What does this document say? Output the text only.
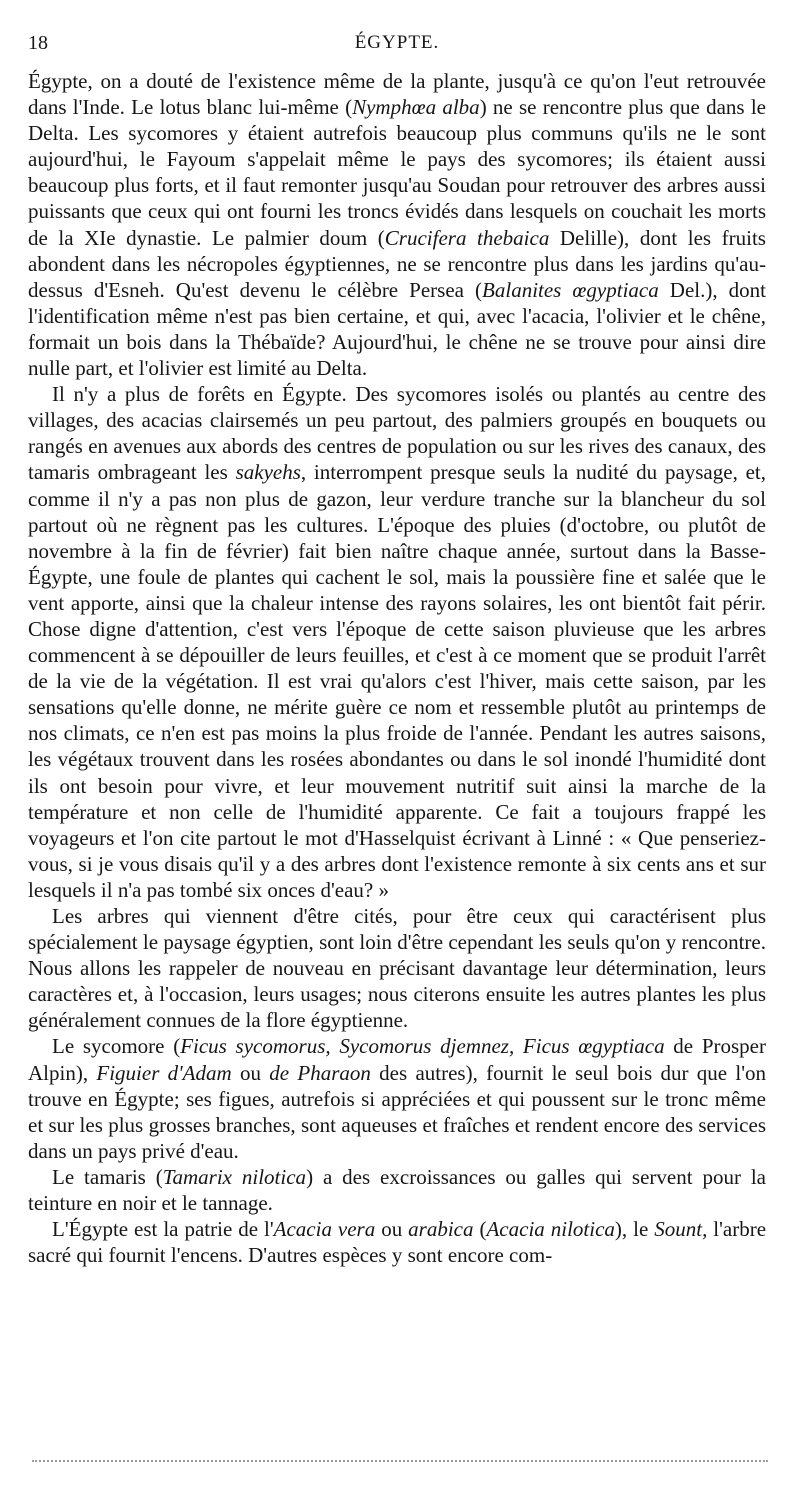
18	ÉGYPTE.

Égypte, on a douté de l'existence même de la plante, jusqu'à ce qu'on l'eut retrouvée dans l'Inde. Le lotus blanc lui-même (Nymphœa alba) ne se rencontre plus que dans le Delta. Les sycomores y étaient autrefois beaucoup plus communs qu'ils ne le sont aujourd'hui, le Fayoum s'appelait même le pays des sycomores; ils étaient aussi beaucoup plus forts, et il faut remonter jusqu'au Soudan pour retrouver des arbres aussi puissants que ceux qui ont fourni les troncs évidés dans lesquels on couchait les morts de la XIe dynastie. Le palmier doum (Crucifera thebaica Delille), dont les fruits abondent dans les nécropoles égyptiennes, ne se rencontre plus dans les jardins qu'au-dessus d'Esneh. Qu'est devenu le célèbre Persea (Balanites œgyptiaca Del.), dont l'identification même n'est pas bien certaine, et qui, avec l'acacia, l'olivier et le chêne, formait un bois dans la Thébaïde? Aujourd'hui, le chêne ne se trouve pour ainsi dire nulle part, et l'olivier est limité au Delta.

Il n'y a plus de forêts en Égypte. Des sycomores isolés ou plantés au centre des villages, des acacias clairsemés un peu partout, des palmiers groupés en bouquets ou rangés en avenues aux abords des centres de population ou sur les rives des canaux, des tamaris ombrageant les sakyehs, interrompent presque seuls la nudité du paysage, et, comme il n'y a pas non plus de gazon, leur verdure tranche sur la blancheur du sol partout où ne règnent pas les cultures. L'époque des pluies (d'octobre, ou plutôt de novembre à la fin de février) fait bien naître chaque année, surtout dans la Basse-Égypte, une foule de plantes qui cachent le sol, mais la poussière fine et salée que le vent apporte, ainsi que la chaleur intense des rayons solaires, les ont bientôt fait périr. Chose digne d'attention, c'est vers l'époque de cette saison pluvieuse que les arbres commencent à se dépouiller de leurs feuilles, et c'est à ce moment que se produit l'arrêt de la vie de la végétation. Il est vrai qu'alors c'est l'hiver, mais cette saison, par les sensations qu'elle donne, ne mérite guère ce nom et ressemble plutôt au printemps de nos climats, ce n'en est pas moins la plus froide de l'année. Pendant les autres saisons, les végétaux trouvent dans les rosées abondantes ou dans le sol inondé l'humidité dont ils ont besoin pour vivre, et leur mouvement nutritif suit ainsi la marche de la température et non celle de l'humidité apparente. Ce fait a toujours frappé les voyageurs et l'on cite partout le mot d'Hasselquist écrivant à Linné : « Que penseriez-vous, si je vous disais qu'il y a des arbres dont l'existence remonte à six cents ans et sur lesquels il n'a pas tombé six onces d'eau? »

Les arbres qui viennent d'être cités, pour être ceux qui caractérisent plus spécialement le paysage égyptien, sont loin d'être cependant les seuls qu'on y rencontre. Nous allons les rappeler de nouveau en précisant davantage leur détermination, leurs caractères et, à l'occasion, leurs usages; nous citerons ensuite les autres plantes les plus généralement connues de la flore égyptienne.

Le sycomore (Ficus sycomorus, Sycomorus djemnez, Ficus œgyptiaca de Prosper Alpin), Figuier d'Adam ou de Pharaon des autres), fournit le seul bois dur que l'on trouve en Égypte; ses figues, autrefois si appréciées et qui poussent sur le tronc même et sur les plus grosses branches, sont aqueuses et fraîches et rendent encore des services dans un pays privé d'eau.

Le tamaris (Tamarix nilotica) a des excroissances ou galles qui servent pour la teinture en noir et le tannage.

L'Égypte est la patrie de l'Acacia vera ou arabica (Acacia nilotica), le Sount, l'arbre sacré qui fournit l'encens. D'autres espèces y sont encore com-
